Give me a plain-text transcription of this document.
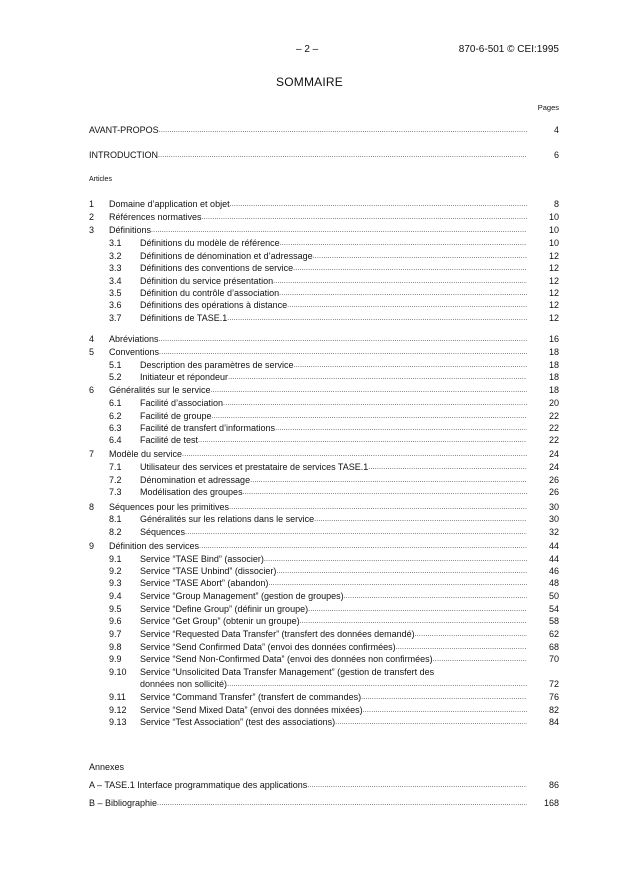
– 2 –	870-6-501 © CEI:1995
SOMMAIRE
Pages
AVANT-PROPOS .....	4
INTRODUCTION .....	6
Articles
1	Domaine d’application et objet .....	8
2	Références normatives .....	10
3	Définitions .....	10
3.1	Définitions du modèle de référence .....	10
3.2	Définitions de dénomination et d’adressage .....	12
3.3	Définitions des conventions de service .....	12
3.4	Définition du service présentation .....	12
3.5	Définition du contrôle d’association .....	12
3.6	Définitions des opérations à distance .....	12
3.7	Définitions de TASE.1 .....	12
4	Abréviations .....	16
5	Conventions .....	18
5.1	Description des paramètres de service .....	18
5.2	Initiateur et répondeur .....	18
6	Généralités sur le service .....	18
6.1	Facilité d’association .....	20
6.2	Facilité de groupe .....	22
6.3	Facilité de transfert d’informations .....	22
6.4	Facilité de test .....	22
7	Modèle du service .....	24
7.1	Utilisateur des services et prestataire de services TASE.1 .....	24
7.2	Dénomination et adressage .....	26
7.3	Modélisation des groupes .....	26
8	Séquences pour les primitives .....	30
8.1	Généralités sur les relations dans le service .....	30
8.2	Séquences .....	32
9	Définition des services .....	44
9.1	Service “TASE Bind” (associer) .....	44
9.2	Service “TASE Unbind” (dissocier) .....	46
9.3	Service “TASE Abort” (abandon) .....	48
9.4	Service “Group Management” (gestion de groupes) .....	50
9.5	Service “Define Group” (définir un groupe) .....	54
9.6	Service “Get Group” (obtenir un groupe) .....	58
9.7	Service “Requested Data Transfer” (transfert des données demandé) .....	62
9.8	Service “Send Confirmed Data” (envoi des données confirmées) .....	68
9.9	Service “Send Non-Confirmed Data” (envoi des données non confirmées) .....	70
9.10	Service “Unsolicited Data Transfer Management” (gestion de transfert des
données non sollicité) .....	72
9.11	Service “Command Transfer” (transfert de commandes) .....	76
9.12	Service “Send Mixed Data” (envoi des données mixées) .....	82
9.13	Service “Test Association” (test des associations) .....	84
Annexes
A – TASE.1 Interface programmatique des applications .....	86
B – Bibliographie .....	168
